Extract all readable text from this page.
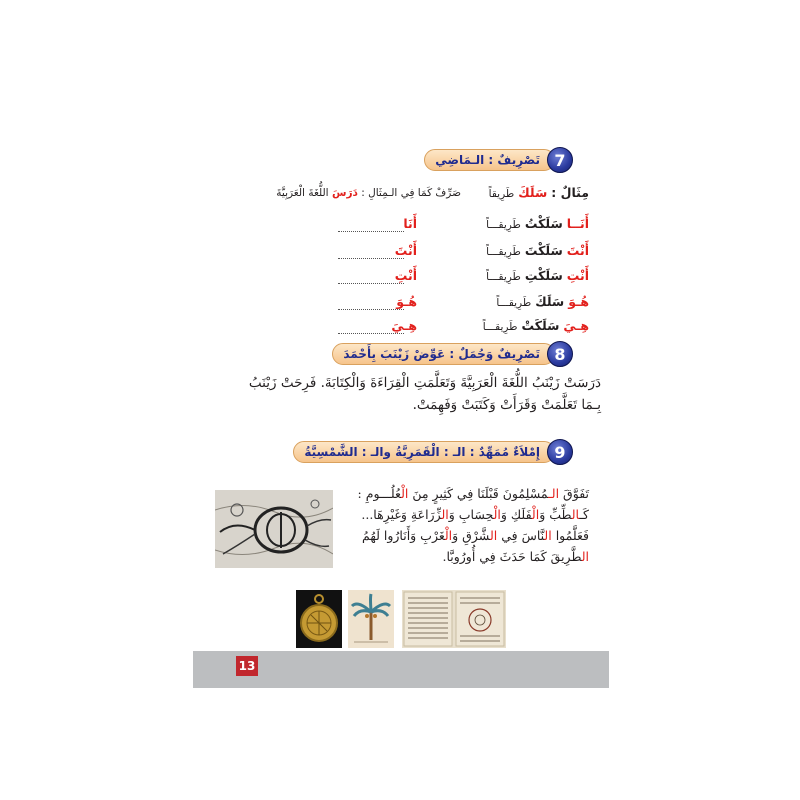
7
تَصْرِيفٌ : الـمَاضِي
مِثَالٌ : سَلَكَ طَرِيقاً
صَرِّفْ كَمَا فِي الـمِثَالِ : دَرَسَ اللُّغَةَ الْعَرَبِيَّةَ
أَنَــا سَلَكْتُ طَرِيقـــاً
أَنَا
أَنْتَ سَلَكْتَ طَرِيقـــاً
أَنْتَ
أَنْتِ سَلَكْتِ طَرِيقـــاً
أَنْتِ
هُـوَ سَلَكَ طَرِيقـــاً
هُـوَ
هِـيَ سَلَكَتْ طَرِيقـــاً
هِـيَ
8
تَصْرِيفٌ وَجُمَلٌ : عَوِّضْ زَيْنَبَ بِأَحْمَدَ
دَرَسَتْ زَيْنَبُ اللُّغَةَ الْعَرَبِيَّةَ وَتَعَلَّمَتِ الْقِرَاءَةَ وَالْكِتَابَةَ. فَرِحَتْ زَيْنَبُ
بِـمَا تَعَلَّمَتْ وَقَرَأَتْ وَكَتَبَتْ وَفَهِمَتْ.
9
إِمْلاَءٌ مُمَهِّدٌ : الـ : الْقَمَرِيَّةُ والـ : الشَّمْسِيَّةُ
تَفَوَّقَ الـمُسْلِمُونَ قَبْلَنَا فِي كَثِيرٍ مِنَ الْعُلُـــومِ :
كَـالطِّبِّ وَالْفَلَكِ وَالْحِسَابِ وَالزِّرَاعَةِ وَغَيْرِهَا...
فَعَلَّمُوا النَّاسَ فِي الشَّرْقِ وَالْغَرْبِ وَأَنَارُوا لَهُمُ
الطَّرِيقَ كَمَا حَدَثَ فِي أُورُوبَّا.
13
